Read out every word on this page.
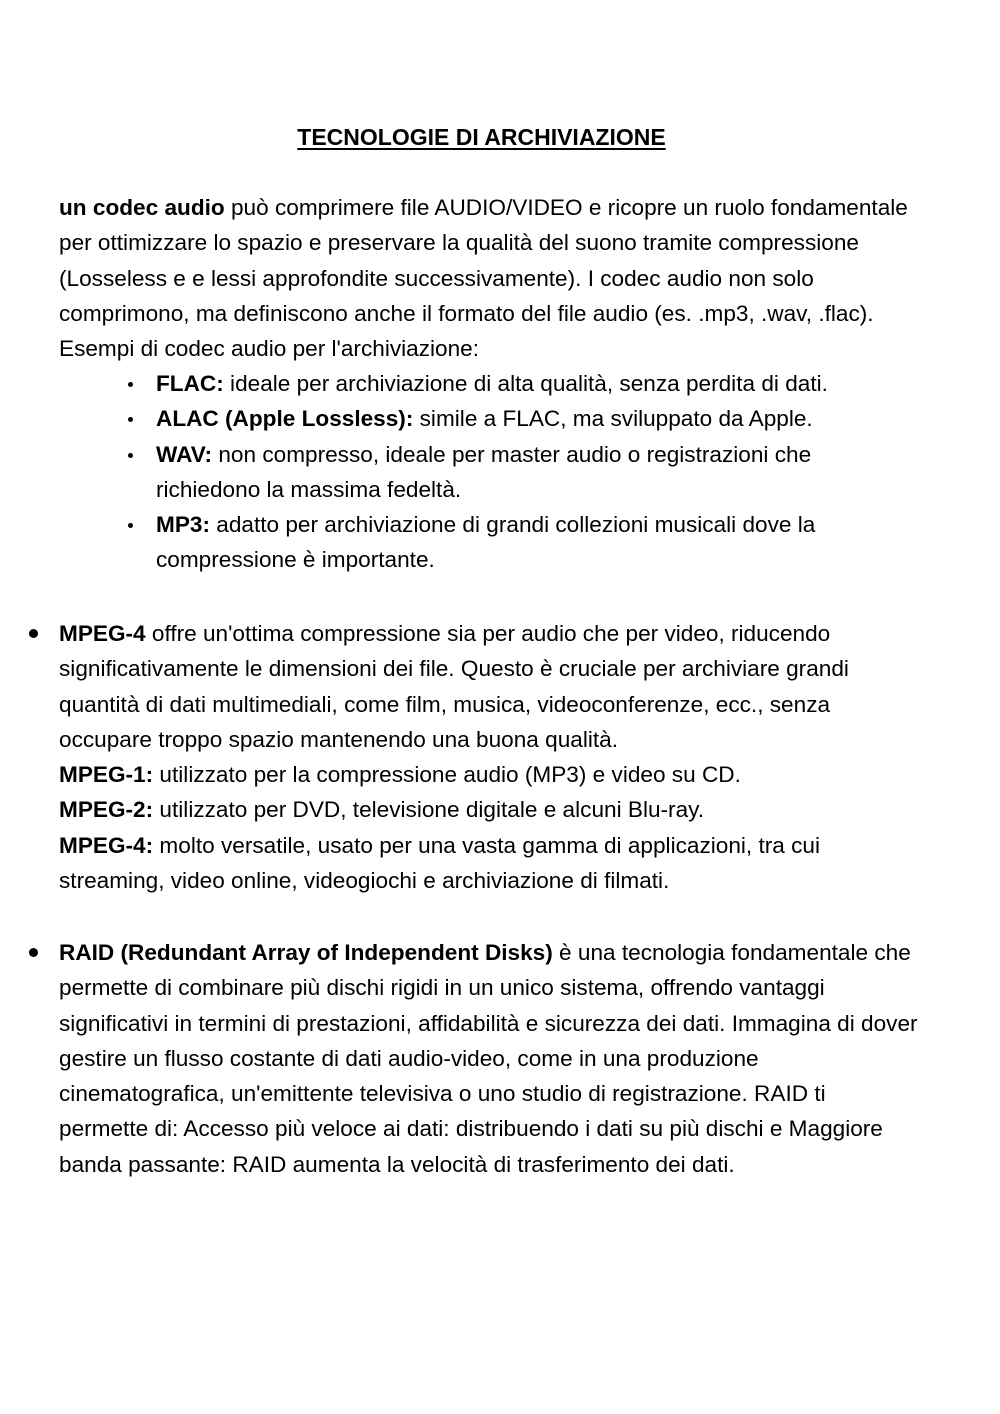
TECNOLOGIE DI ARCHIVIAZIONE

un codec audio può comprimere file AUDIO/VIDEO e ricopre un ruolo fondamentale per ottimizzare lo spazio e preservare la qualità del suono tramite compressione (Losseless e e lessi approfondite successivamente). I codec audio non solo comprimono, ma definiscono anche il formato del file audio (es. .mp3, .wav, .flac). Esempi di codec audio per l'archiviazione:

FLAC: ideale per archiviazione di alta qualità, senza perdita di dati.
ALAC (Apple Lossless): simile a FLAC, ma sviluppato da Apple.
WAV: non compresso, ideale per master audio o registrazioni che richiedono la massima fedeltà.
MP3: adatto per archiviazione di grandi collezioni musicali dove la compressione è importante.
MPEG-4 offre un'ottima compressione sia per audio che per video, riducendo significativamente le dimensioni dei file. Questo è cruciale per archiviare grandi quantità di dati multimediali, come film, musica, videoconferenze, ecc., senza occupare troppo spazio mantenendo una buona qualità.
MPEG-1: utilizzato per la compressione audio (MP3) e video su CD.
MPEG-2: utilizzato per DVD, televisione digitale e alcuni Blu-ray.
MPEG-4: molto versatile, usato per una vasta gamma di applicazioni, tra cui streaming, video online, videogiochi e archiviazione di filmati.

RAID (Redundant Array of Independent Disks) è una tecnologia fondamentale che permette di combinare più dischi rigidi in un unico sistema, offrendo vantaggi significativi in termini di prestazioni, affidabilità e sicurezza dei dati. Immagina di dover gestire un flusso costante di dati audio-video, come in una produzione cinematografica, un'emittente televisiva o uno studio di registrazione. RAID ti permette di: Accesso più veloce ai dati: distribuendo i dati su più dischi e Maggiore banda passante: RAID aumenta la velocità di trasferimento dei dati.
